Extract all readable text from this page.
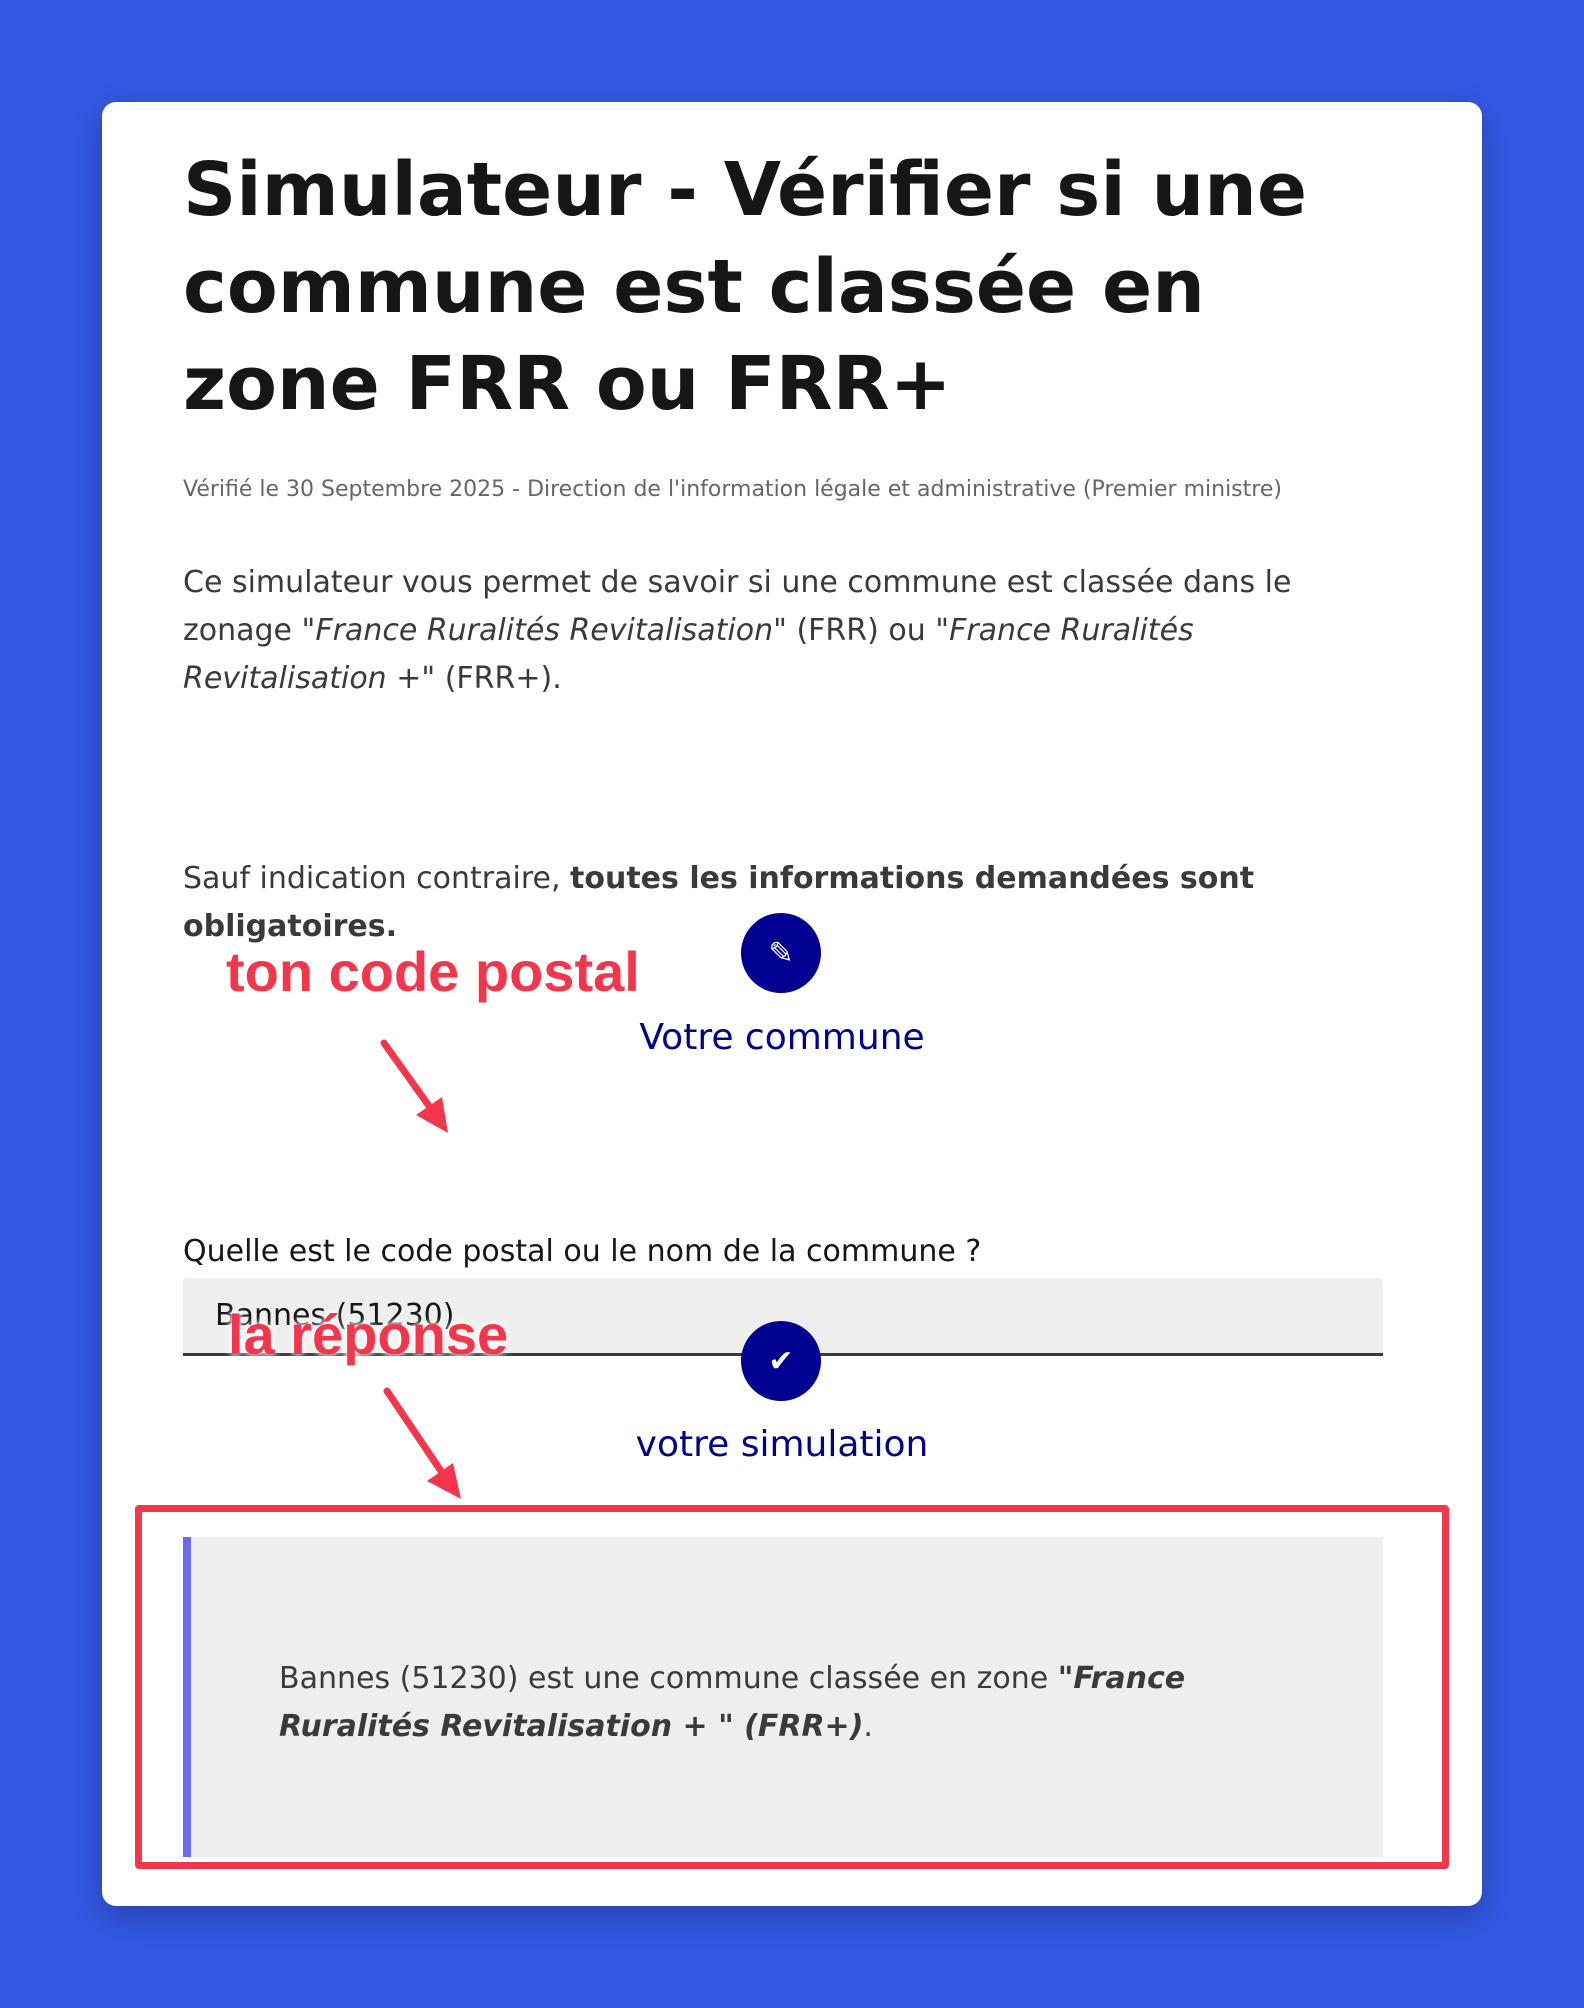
Simulateur - Vérifier si une commune est classée en zone FRR ou FRR+
Vérifié le 30 Septembre 2025 - Direction de l'information légale et administrative (Premier ministre)

Ce simulateur vous permet de savoir si une commune est classée dans le zonage "France Ruralités Revitalisation" (FRR) ou "France Ruralités Revitalisation +" (FRR+).

Sauf indication contraire, toutes les informations demandées sont obligatoires.

✎
Votre commune
ton code postal
Quelle est le code postal ou le nom de la commune ?
Bannes (51230)
✔
votre simulation
la réponse

Bannes (51230) est une commune classée en zone "France Ruralités Revitalisation + " (FRR+).
